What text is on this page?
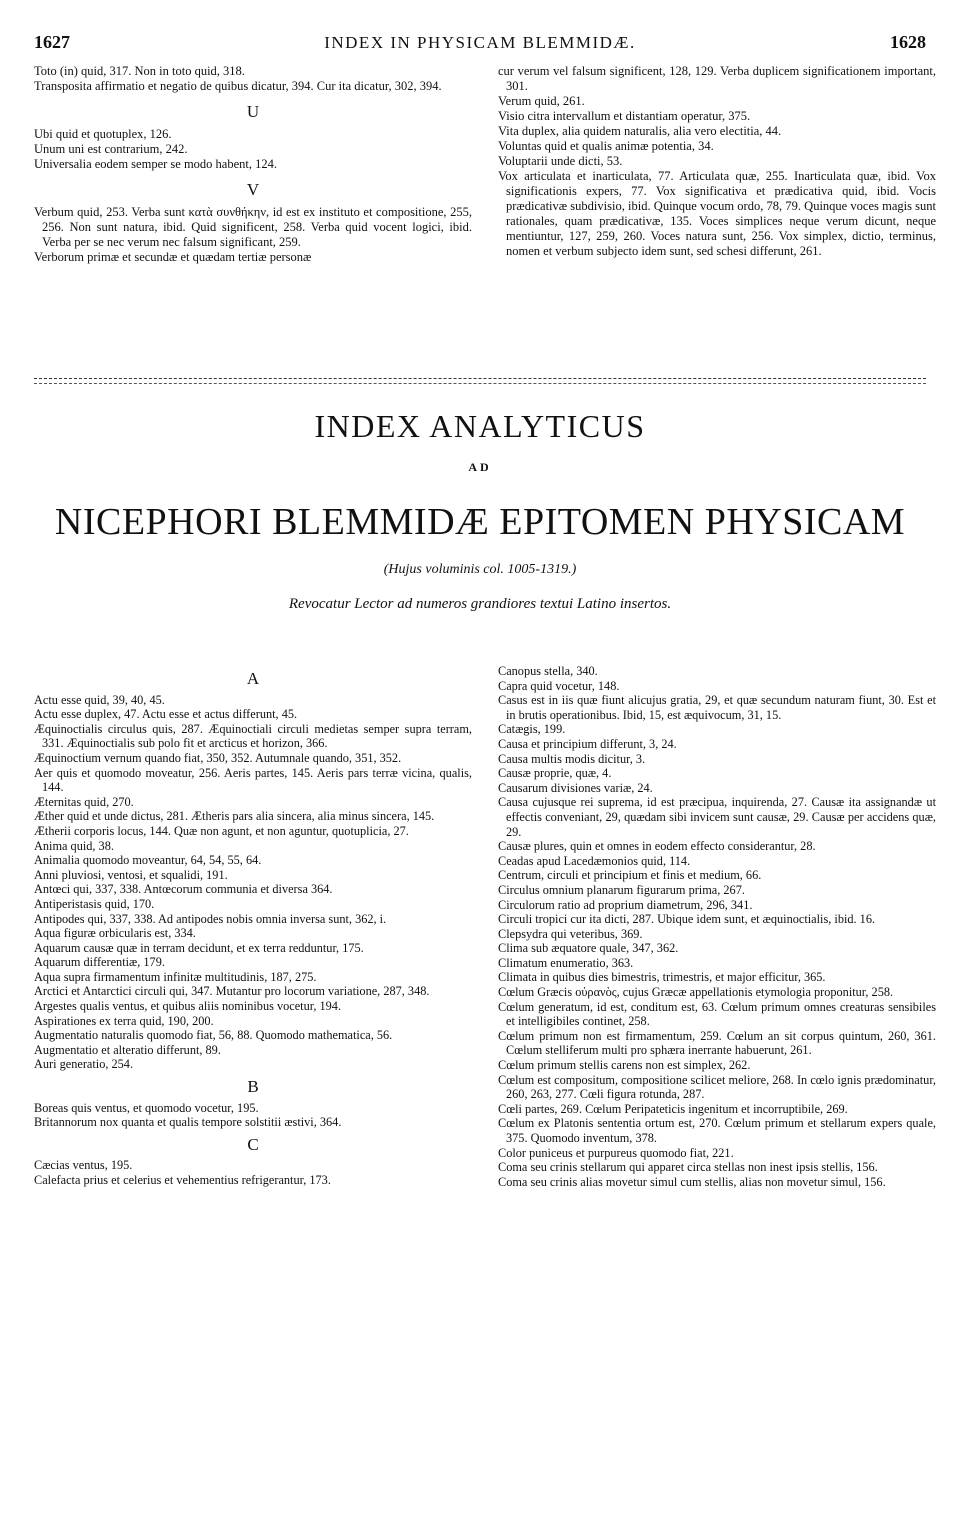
1627	INDEX IN PHYSICAM BLEMMIDÆ.	1628
Toto (in) quid, 317. Non in toto quid, 318.
Transposita affirmatio et negatio de quibus dicatur, 394. Cur ita dicatur, 302, 394.
U
Ubi quid et quotuplex, 126.
Unum uni est contrarium, 242.
Universalia eodem semper se modo habent, 124.
V
Verbum quid, 253. Verba sunt κατὰ συνθήκην, id est ex instituto et compositione, 255, 256. Non sunt natura, ibid. Quid significent, 258. Verba quid vocent logici, ibid. Verba per se nec verum nec falsum significant, 259.
Verborum primæ et secundæ et quædam tertiæ personæ
cur verum vel falsum significent, 128, 129. Verba duplicem significationem important, 301.
Verum quid, 261.
Visio citra intervallum et distantiam operatur, 375.
Vita duplex, alia quidem naturalis, alia vero electitia, 44.
Voluntas quid et qualis animæ potentia, 34.
Voluptarii unde dicti, 53.
Vox articulata et inarticulata, 77. Articulata quæ, 255. Inarticulata quæ, ibid. Vox significationis expers, 77. Vox significativa et prædicativa quid, ibid. Vocis prædicativæ subdivisio, ibid. Quinque vocum ordo, 78, 79. Quinque voces magis sunt rationales, quam prædicativæ, 135. Voces simplices neque verum dicunt, neque mentiuntur, 127, 259, 260. Voces natura sunt, 256. Vox simplex, dictio, terminus, nomen et verbum subjecto idem sunt, sed schesi differunt, 261.
INDEX ANALYTICUS
AD
NICEPHORI BLEMMIDÆ EPITOMEN PHYSICAM
(Hujus voluminis col. 1005-1319.)
Revocatur Lector ad numeros grandiores textui Latino insertos.
A
Actu esse quid, 39, 40, 45.
Actu esse duplex, 47. Actu esse et actus differunt, 45.
Æquinoctialis circulus quis, 287. Æquinoctiali circuli medietas semper supra terram, 331. Æquinoctialis sub polo fit et arcticus et horizon, 366.
Æquinoctium vernum quando fiat, 350, 352. Autumnale quando, 351, 352.
Aer quis et quomodo moveatur, 256. Aeris partes, 145. Aeris pars terræ vicina, qualis, 144.
Æternitas quid, 270.
Æther quid et unde dictus, 281. Ætheris pars alia sincera, alia minus sincera, 145.
Ætherii corporis locus, 144. Quæ non agunt, et non aguntur, quotuplicia, 27.
Anima quid, 38.
Animalia quomodo moveantur, 64, 54, 55, 64.
Anni pluviosi, ventosi, et squalidi, 191.
Antœci qui, 337, 338. Antœcorum communia et diversa 364.
Antiperistasis quid, 170.
Antipodes qui, 337, 338. Ad antipodes nobis omnia inversa sunt, 362, i.
Aqua figuræ orbicularis est, 334.
Aquarum causæ quæ in terram decidunt, et ex terra redduntur, 175.
Aquarum differentiæ, 179.
Aqua supra firmamentum infinitæ multitudinis, 187, 275.
Arctici et Antarctici circuli qui, 347. Mutantur pro locorum variatione, 287, 348.
Argestes qualis ventus, et quibus aliis nominibus vocetur, 194.
Aspirationes ex terra quid, 190, 200.
Augmentatio naturalis quomodo fiat, 56, 88. Quomodo mathematica, 56.
Augmentatio et alteratio differunt, 89.
Auri generatio, 254.
B
Boreas quis ventus, et quomodo vocetur, 195.
Britannorum nox quanta et qualis tempore solstitii æstivi, 364.
C
Cæcias ventus, 195.
Calefacta prius et celerius et vehementius refrigerantur, 173.
Canopus stella, 340.
Capra quid vocetur, 148.
Casus est in iis quæ fiunt alicujus gratia, 29, et quæ secundum naturam fiunt, 30. Est et in brutis operationibus. Ibid, 15, est æquivocum, 31, 15.
Catægis, 199.
Causa et principium differunt, 3, 24.
Causa multis modis dicitur, 3.
Causæ proprie, quæ, 4.
Causarum divisiones variæ, 24.
Causa cujusque rei suprema, id est præcipua, inquirenda, 27. Causæ ita assignandæ ut effectis conveniant, 29, quædam sibi invicem sunt causæ, 29. Causæ per accidens quæ, 29.
Causæ plures, quin et omnes in eodem effecto considerantur, 28.
Ceadas apud Lacedæmonios quid, 114.
Centrum, circuli et principium et finis et medium, 66.
Circulus omnium planarum figurarum prima, 267.
Circulorum ratio ad proprium diametrum, 296, 341.
Circuli tropici cur ita dicti, 287. Ubique idem sunt, et æquinoctialis, ibid. 16.
Clepsydra qui veteribus, 369.
Clima sub æquatore quale, 347, 362.
Climatum enumeratio, 363.
Climata in quibus dies bimestris, trimestris, et major efficitur, 365.
Cœlum Græcis οὐρανὸς, cujus Græcæ appellationis etymologia proponitur, 258.
Cœlum generatum, id est, conditum est, 63. Cœlum primum omnes creaturas sensibiles et intelligibiles continet, 258.
Cœlum primum non est firmamentum, 259. Cœlum an sit corpus quintum, 260, 361. Cœlum stelliferum multi pro sphæra inerrante habuerunt, 261.
Cœlum primum stellis carens non est simplex, 262.
Cœlum est compositum, compositione scilicet meliore, 268. In cœlo ignis prædominatur, 260, 263, 277. Cœli figura rotunda, 287.
Cœli partes, 269. Cœlum Peripateticis ingenitum et incorruptibile, 269.
Cœlum ex Platonis sententia ortum est, 270. Cœlum primum et stellarum expers quale, 375. Quomodo inventum, 378.
Color puniceus et purpureus quomodo fiat, 221.
Coma seu crinis stellarum qui apparet circa stellas non inest ipsis stellis, 156.
Coma seu crinis alias movetur simul cum stellis, alias non movetur simul, 156.
